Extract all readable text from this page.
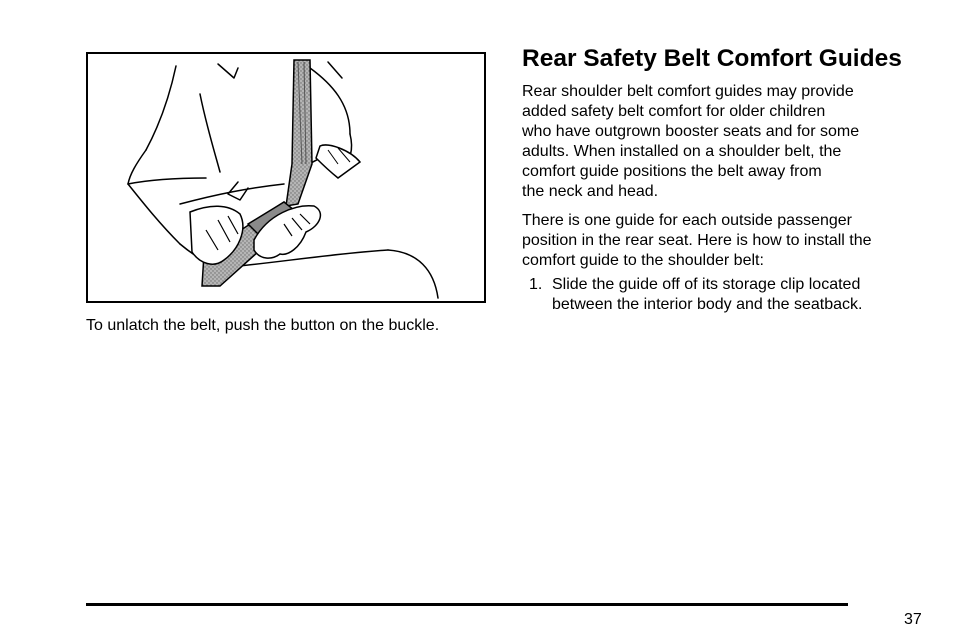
To unlatch the belt, push the button on the buckle.
Rear Safety Belt Comfort Guides

Rear shoulder belt comfort guides may provide
added safety belt comfort for older children
who have outgrown booster seats and for some
adults. When installed on a shoulder belt, the
comfort guide positions the belt away from
the neck and head.

There is one guide for each outside passenger
position in the rear seat. Here is how to install the
comfort guide to the shoulder belt:

1. Slide the guide off of its storage clip located
between the interior body and the seatback.
37
